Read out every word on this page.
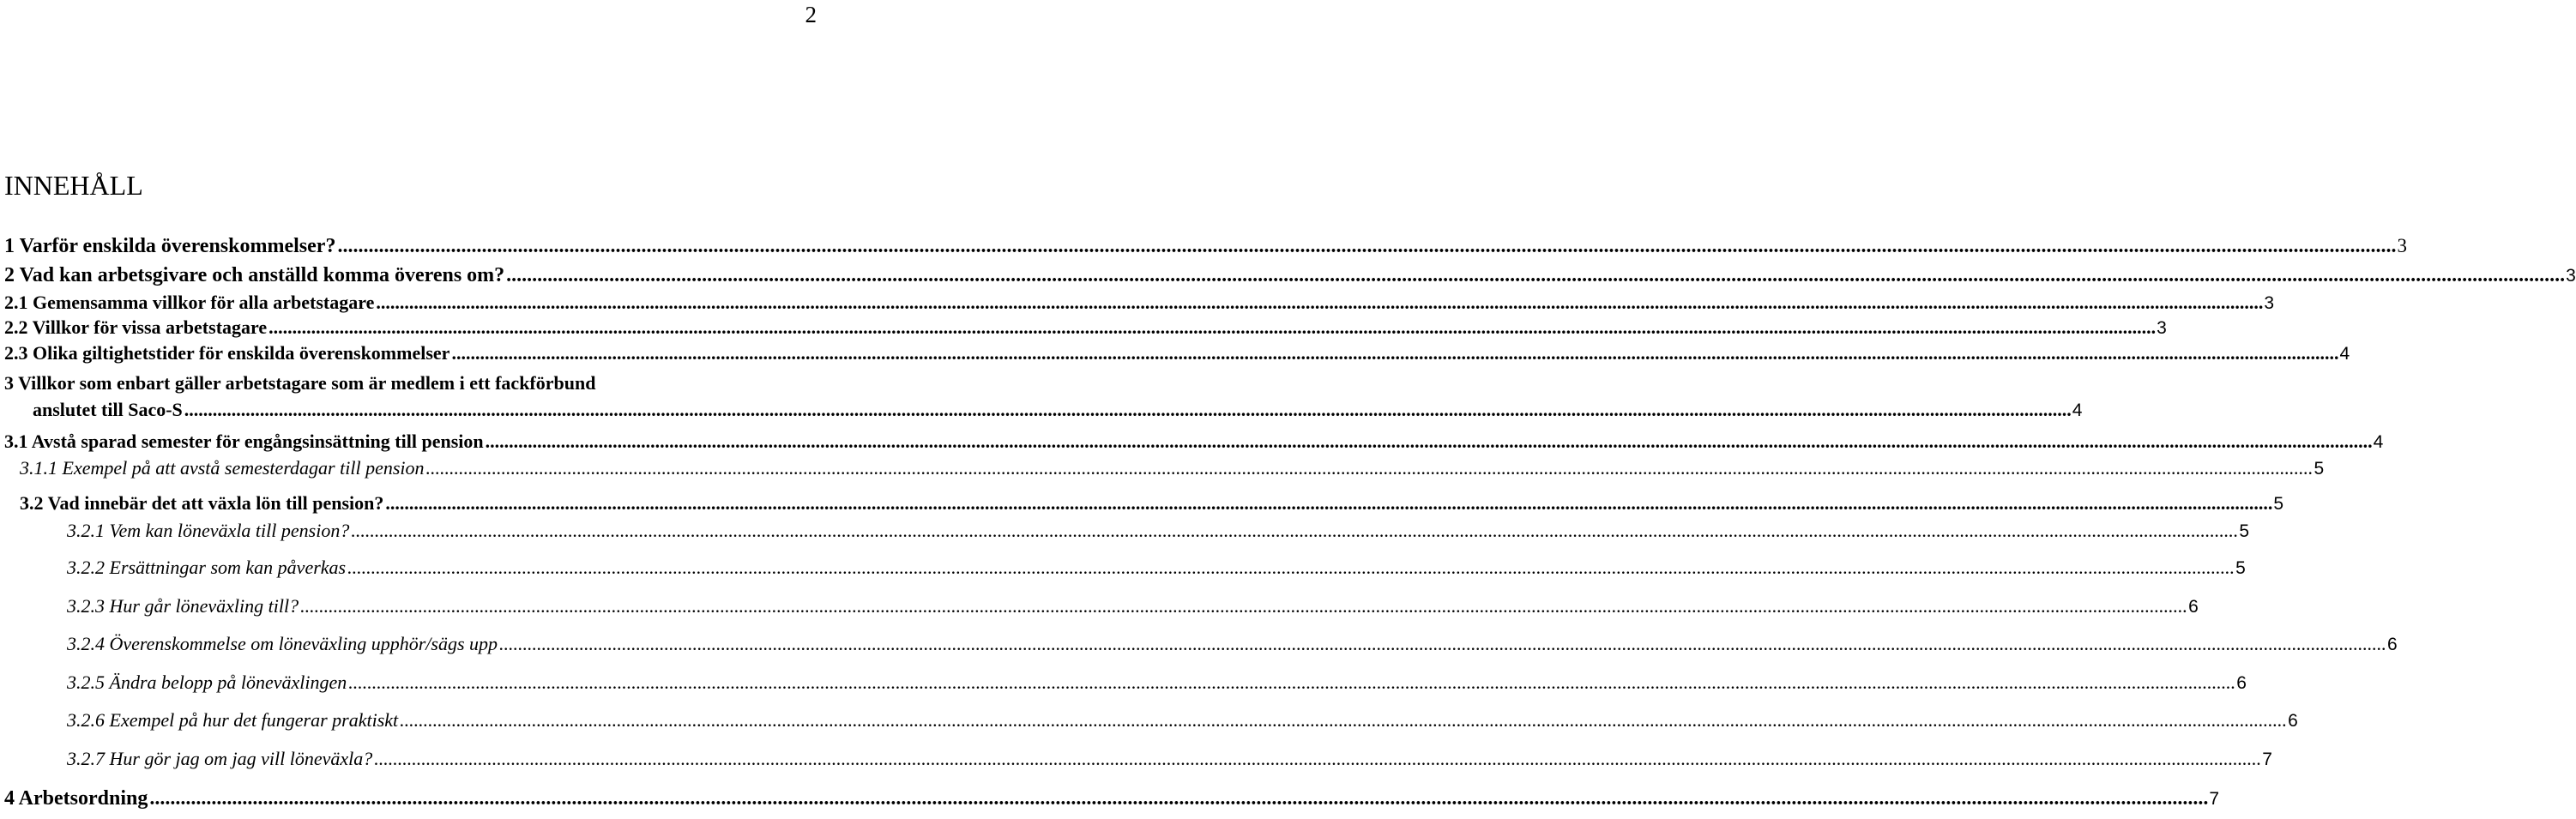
2
INNEHÅLL
1 Varför enskilda överenskommelser? ................................................................................................................................................................................................................................................................................................................................................................................................................ 3
2 Vad kan arbetsgivare och anställd komma överens om? ................................................................................................................................................................................................................................................................................................................................................................................................................ 3
2.1 Gemensamma villkor för alla arbetstagare ................................................................................................................................................................................................................................................................................................................................................................................................................ 3
2.2 Villkor för vissa arbetstagare ................................................................................................................................................................................................................................................................................................................................................................................................................ 3
2.3 Olika giltighetstider för enskilda överenskommelser ................................................................................................................................................................................................................................................................................................................................................................................................................ 4
3 Villkor som enbart gäller arbetstagare som är medlem i ett fackförbund
anslutet till Saco-S ................................................................................................................................................................................................................................................................................................................................................................................................................ 4
3.1 Avstå sparad semester för engångsinsättning till pension ................................................................................................................................................................................................................................................................................................................................................................................................................ 4
3.1.1 Exempel på att avstå semesterdagar till pension ................................................................................................................................................................................................................................................................................................................................................................................................................ 5
3.2 Vad innebär det att växla lön till pension? ................................................................................................................................................................................................................................................................................................................................................................................................................ 5
3.2.1 Vem kan löneväxla till pension? ................................................................................................................................................................................................................................................................................................................................................................................................................ 5
3.2.2 Ersättningar som kan påverkas ................................................................................................................................................................................................................................................................................................................................................................................................................ 5
3.2.3 Hur går löneväxling till? ................................................................................................................................................................................................................................................................................................................................................................................................................ 6
3.2.4 Överenskommelse om löneväxling upphör/sägs upp ................................................................................................................................................................................................................................................................................................................................................................................................................ 6
3.2.5 Ändra belopp på löneväxlingen ................................................................................................................................................................................................................................................................................................................................................................................................................ 6
3.2.6 Exempel på hur det fungerar praktiskt ................................................................................................................................................................................................................................................................................................................................................................................................................ 6
3.2.7 Hur gör jag om jag vill löneväxla? ................................................................................................................................................................................................................................................................................................................................................................................................................ 7
4 Arbetsordning ................................................................................................................................................................................................................................................................................................................................................................................................................ 7
